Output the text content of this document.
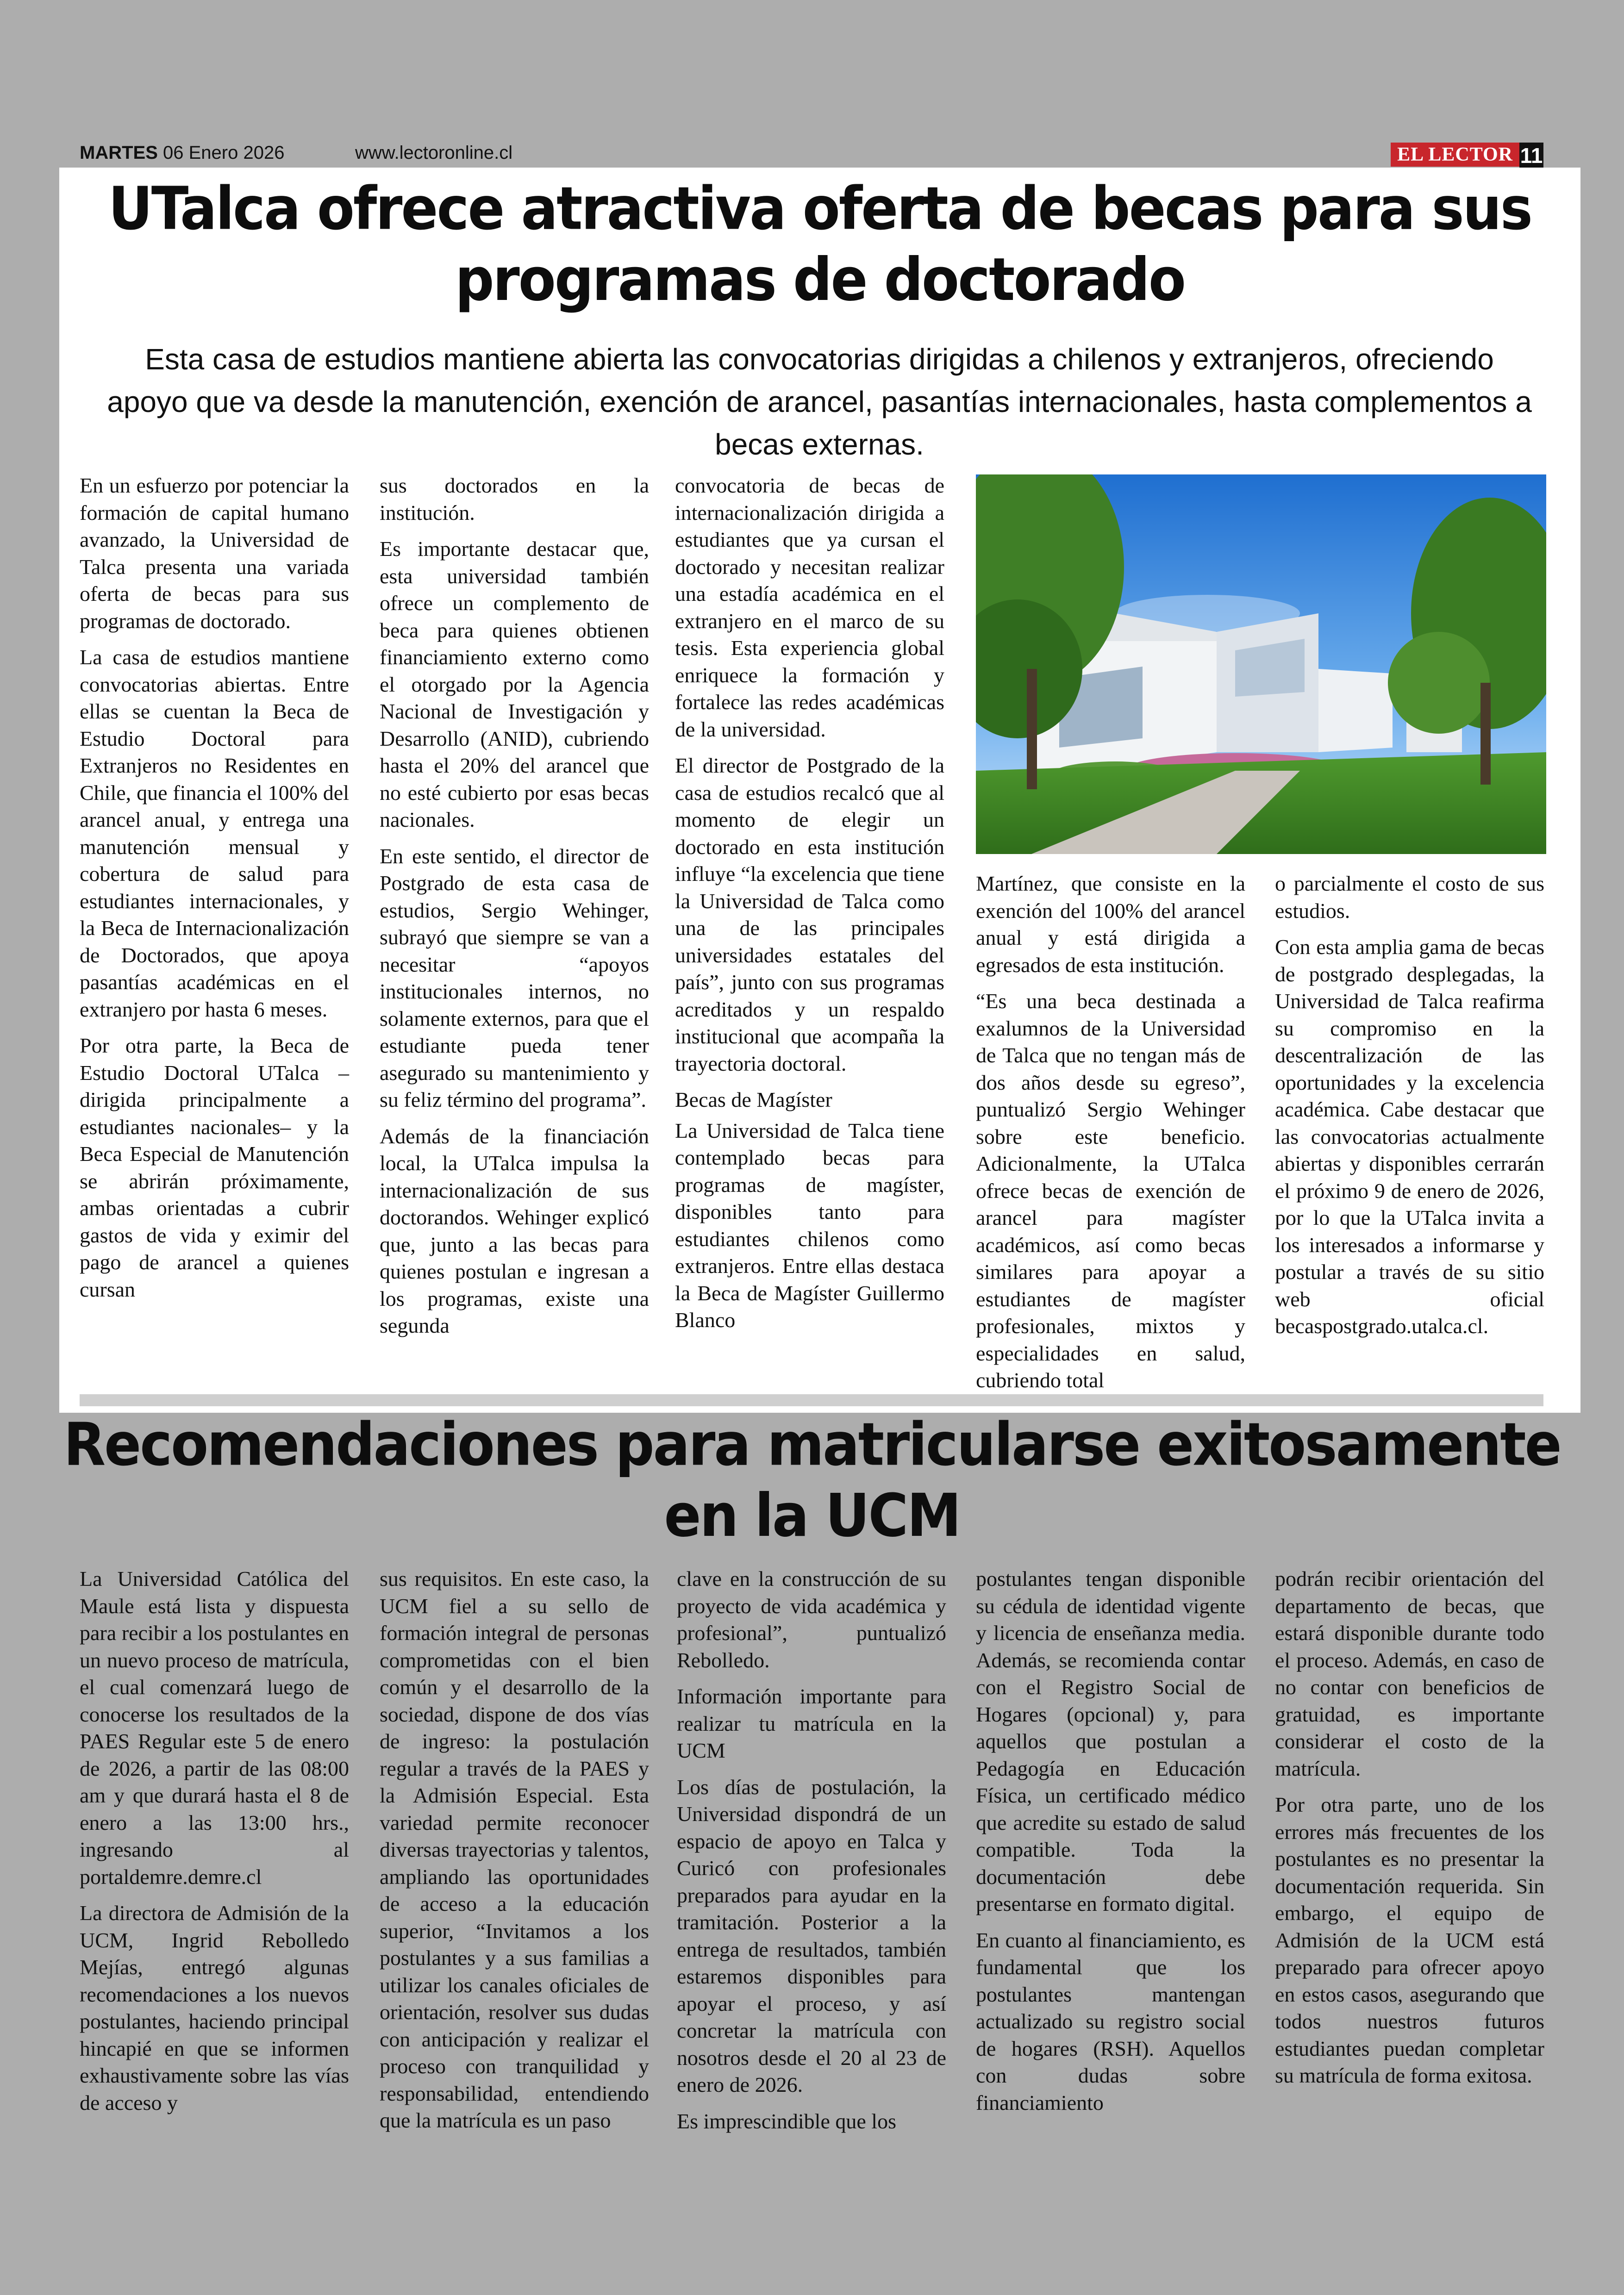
MARTES 06 Enero 2026	www.lectoronline.cl	EL LECTOR 11
UTalca ofrece atractiva oferta de becas para sus
programas de doctorado
Esta casa de estudios mantiene abierta las convocatorias dirigidas a chilenos y extranjeros, ofreciendo apoyo que va desde la manutención, exención de arancel, pasantías internacionales, hasta complementos a becas externas.

En un esfuerzo por potenciar la formación de capital humano avanzado, la Universidad de Talca presenta una variada oferta de becas para sus programas de doctorado.

La casa de estudios mantiene convocatorias abiertas. Entre ellas se cuentan la Beca de Estudio Doctoral para Extranjeros no Residentes en Chile, que financia el 100% del arancel anual, y entrega una manutención mensual y cobertura de salud para estudiantes internacionales, y la Beca de Internacionalización de Doctorados, que apoya pasantías académicas en el extranjero por hasta 6 meses.

Por otra parte, la Beca de Estudio Doctoral UTalca –dirigida principalmente a estudiantes nacionales– y la Beca Especial de Manutención se abrirán próximamente, ambas orientadas a cubrir gastos de vida y eximir del pago de arancel a quienes cursan

sus doctorados en la institución.

Es importante destacar que, esta universidad también ofrece un complemento de beca para quienes obtienen financiamiento externo como el otorgado por la Agencia Nacional de Investigación y Desarrollo (ANID), cubriendo hasta el 20% del arancel que no esté cubierto por esas becas nacionales.

En este sentido, el director de Postgrado de esta casa de estudios, Sergio Wehinger, subrayó que siempre se van a necesitar “apoyos institucionales internos, no solamente externos, para que el estudiante pueda tener asegurado su mantenimiento y su feliz término del programa”.

Además de la financiación local, la UTalca impulsa la internacionalización de sus doctorandos. Wehinger explicó que, junto a las becas para quienes postulan e ingresan a los programas, existe una segunda

convocatoria de becas de internacionalización dirigida a estudiantes que ya cursan el doctorado y necesitan realizar una estadía académica en el extranjero en el marco de su tesis. Esta experiencia global enriquece la formación y fortalece las redes académicas de la universidad.

El director de Postgrado de la casa de estudios recalcó que al momento de elegir un doctorado en esta institución influye “la excelencia que tiene la Universidad de Talca como una de las principales universidades estatales del país”, junto con sus programas acreditados y un respaldo institucional que acompaña la trayectoria doctoral.

Becas de Magíster

La Universidad de Talca tiene contemplado becas para programas de magíster, disponibles tanto para estudiantes chilenos como extranjeros. Entre ellas destaca la Beca de Magíster Guillermo Blanco

Martínez, que consiste en la exención del 100% del arancel anual y está dirigida a egresados de esta institución.

“Es una beca destinada a exalumnos de la Universidad de Talca que no tengan más de dos años desde su egreso”, puntualizó Sergio Wehinger sobre este beneficio. Adicionalmente, la UTalca ofrece becas de exención de arancel para magíster académicos, así como becas similares para apoyar a estudiantes de magíster profesionales, mixtos y especialidades en salud, cubriendo total

o parcialmente el costo de sus estudios.

Con esta amplia gama de becas de postgrado desplegadas, la Universidad de Talca reafirma su compromiso en la descentralización de las oportunidades y la excelencia académica. Cabe destacar que las convocatorias actualmente abiertas y disponibles cerrarán el próximo 9 de enero de 2026, por lo que la UTalca invita a los interesados a informarse y postular a través de su sitio web oficial becaspostgrado.utalca.cl.

Recomendaciones para matricularse exitosamente
en la UCM

La Universidad Católica del Maule está lista y dispuesta para recibir a los postulantes en un nuevo proceso de matrícula, el cual comenzará luego de conocerse los resultados de la PAES Regular este 5 de enero de 2026, a partir de las 08:00 am y que durará hasta el 8 de enero a las 13:00 hrs., ingresando al portaldemre.demre.cl

La directora de Admisión de la UCM, Ingrid Rebolledo Mejías, entregó algunas recomendaciones a los nuevos postulantes, haciendo principal hincapié en que se informen exhaustivamente sobre las vías de acceso y

sus requisitos. En este caso, la UCM fiel a su sello de formación integral de personas comprometidas con el bien común y el desarrollo de la sociedad, dispone de dos vías de ingreso: la postulación regular a través de la PAES y la Admisión Especial. Esta variedad permite reconocer diversas trayectorias y talentos, ampliando las oportunidades de acceso a la educación superior, “Invitamos a los postulantes y a sus familias a utilizar los canales oficiales de orientación, resolver sus dudas con anticipación y realizar el proceso con tranquilidad y responsabilidad, entendiendo que la matrícula es un paso

clave en la construcción de su proyecto de vida académica y profesional”, puntualizó Rebolledo.

Información importante para realizar tu matrícula en la UCM

Los días de postulación, la Universidad dispondrá de un espacio de apoyo en Talca y Curicó con profesionales preparados para ayudar en la tramitación. Posterior a la entrega de resultados, también estaremos disponibles para apoyar el proceso, y así concretar la matrícula con nosotros desde el 20 al 23 de enero de 2026.

Es imprescindible que los

postulantes tengan disponible su cédula de identidad vigente y licencia de enseñanza media. Además, se recomienda contar con el Registro Social de Hogares (opcional) y, para aquellos que postulan a Pedagogía en Educación Física, un certificado médico que acredite su estado de salud compatible. Toda la documentación debe presentarse en formato digital.

En cuanto al financiamiento, es fundamental que los postulantes mantengan actualizado su registro social de hogares (RSH). Aquellos con dudas sobre financiamiento

podrán recibir orientación del departamento de becas, que estará disponible durante todo el proceso. Además, en caso de no contar con beneficios de gratuidad, es importante considerar el costo de la matrícula.

Por otra parte, uno de los errores más frecuentes de los postulantes es no presentar la documentación requerida. Sin embargo, el equipo de Admisión de la UCM está preparado para ofrecer apoyo en estos casos, asegurando que todos nuestros futuros estudiantes puedan completar su matrícula de forma exitosa.
